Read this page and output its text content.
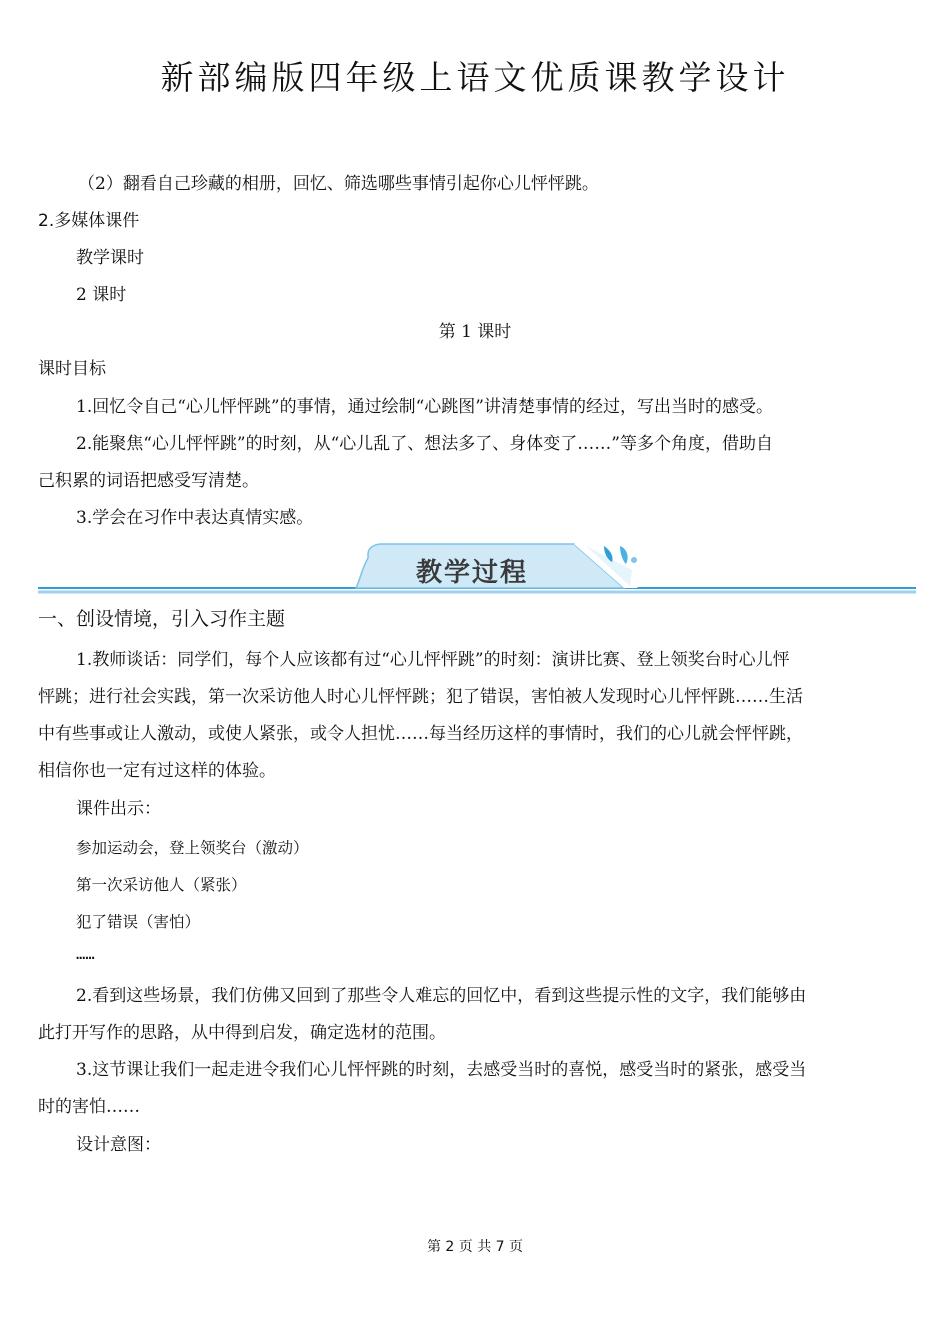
新部编版四年级上语文优质课教学设计
（2）翻看自己珍藏的相册，回忆、筛选哪些事情引起你心儿怦怦跳。
2.多媒体课件
教学课时
2 课时
第 1 课时
课时目标
1.回忆令自己“心儿怦怦跳”的事情，通过绘制“心跳图”讲清楚事情的经过，写出当时的感受。
2.能聚焦“心儿怦怦跳”的时刻，从“心儿乱了、想法多了、身体变了……”等多个角度，借助自
己积累的词语把感受写清楚。
3.学会在习作中表达真情实感。
教学过程
一、创设情境，引入习作主题
1.教师谈话：同学们，每个人应该都有过“心儿怦怦跳”的时刻：演讲比赛、登上领奖台时心儿怦
怦跳；进行社会实践，第一次采访他人时心儿怦怦跳；犯了错误，害怕被人发现时心儿怦怦跳……生活
中有些事或让人激动，或使人紧张，或令人担忧……每当经历这样的事情时，我们的心儿就会怦怦跳，
相信你也一定有过这样的体验。
课件出示：
参加运动会，登上领奖台（激动）
第一次采访他人（紧张）
犯了错误（害怕）
……
2.看到这些场景，我们仿佛又回到了那些令人难忘的回忆中，看到这些提示性的文字，我们能够由
此打开写作的思路，从中得到启发，确定选材的范围。
3.这节课让我们一起走进令我们心儿怦怦跳的时刻，去感受当时的喜悦，感受当时的紧张，感受当
时的害怕……
设计意图：
第 2 页 共 7 页
